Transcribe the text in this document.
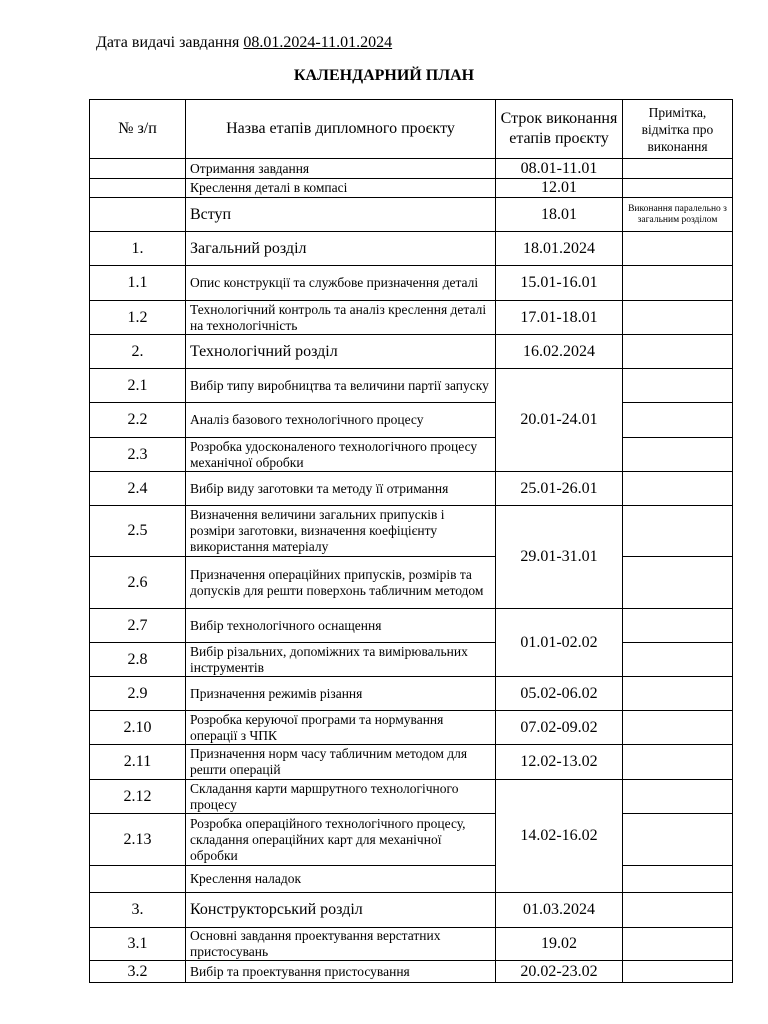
Дата видачі завдання 08.01.2024-11.01.2024
КАЛЕНДАРНИЙ ПЛАН
№ з/п	Назва етапів дипломного проєкту	Строк виконання етапів проєкту	Примітка, відмітка про виконання
	Отримання завдання	08.01-11.01	
	Креслення деталі в компасі	12.01	
	Вступ	18.01	Виконання паралельно з загальним розділом
1.	Загальний розділ	18.01.2024	
1.1	Опис конструкції та службове призначення деталі	15.01-16.01	
1.2	Технологічний контроль та аналіз креслення деталі на технологічність	17.01-18.01	
2.	Технологічний розділ	16.02.2024	
2.1	Вибір типу виробництва та величини партії запуску	20.01-24.01	
2.2	Аналіз базового технологічного процесу		
2.3	Розробка удосконаленого технологічного процесу механічної обробки		
2.4	Вибір виду заготовки та методу її отримання	25.01-26.01	
2.5	Визначення величини загальних припусків і розміри заготовки, визначення коефіцієнту використання матеріалу	29.01-31.01	
2.6	Призначення операційних припусків, розмірів та допусків для решти поверхонь табличним методом		
2.7	Вибір технологічного оснащення	01.01-02.02	
2.8	Вибір різальних, допоміжних та вимірювальних інструментів		
2.9	Призначення режимів різання	05.02-06.02	
2.10	Розробка керуючої програми та нормування операції з ЧПК	07.02-09.02	
2.11	Призначення норм часу табличним методом для решти операцій	12.02-13.02	
2.12	Складання карти маршрутного технологічного процесу	14.02-16.02	
2.13	Розробка операційного технологічного процесу, складання операційних карт для механічної обробки		
	Креслення наладок		
3.	Конструкторський розділ	01.03.2024	
3.1	Основні завдання проектування верстатних пристосувань	19.02	
3.2	Вибір та проектування пристосування	20.02-23.02	
